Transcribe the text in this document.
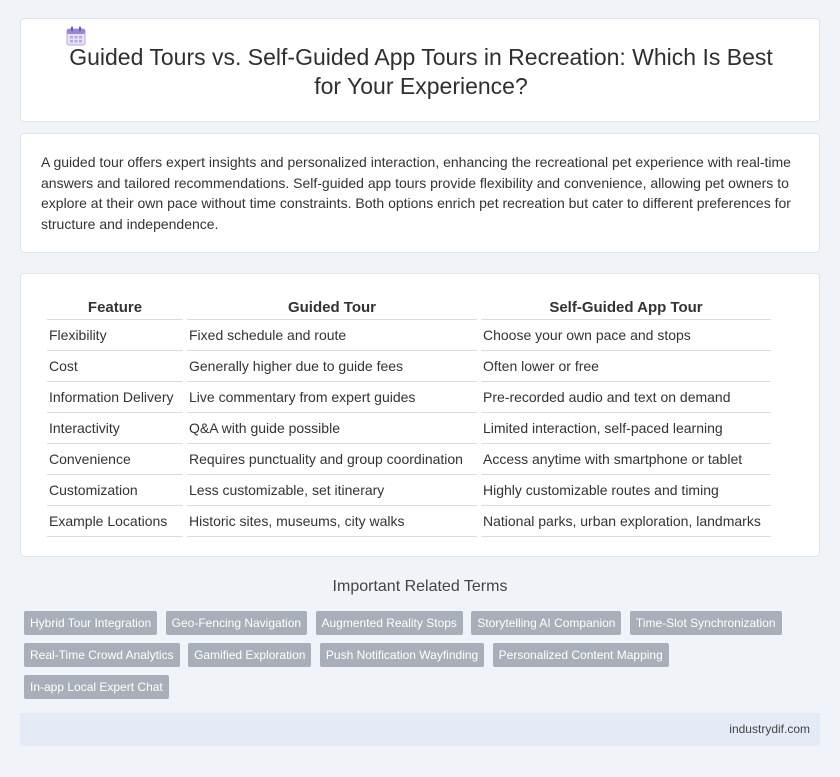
Guided Tours vs. Self-Guided App Tours in Recreation: Which Is Best for Your Experience?

A guided tour offers expert insights and personalized interaction, enhancing the recreational pet experience with real-time answers and tailored recommendations. Self-guided app tours provide flexibility and convenience, allowing pet owners to explore at their own pace without time constraints. Both options enrich pet recreation but cater to different preferences for structure and independence.

Feature	Guided Tour	Self-Guided App Tour
Flexibility	Fixed schedule and route	Choose your own pace and stops
Cost	Generally higher due to guide fees	Often lower or free
Information Delivery	Live commentary from expert guides	Pre-recorded audio and text on demand
Interactivity	Q&A with guide possible	Limited interaction, self-paced learning
Convenience	Requires punctuality and group coordination	Access anytime with smartphone or tablet
Customization	Less customizable, set itinerary	Highly customizable routes and timing
Example Locations	Historic sites, museums, city walks	National parks, urban exploration, landmarks
Important Related Terms
Hybrid Tour Integration Geo-Fencing Navigation Augmented Reality Stops Storytelling AI Companion Time-Slot Synchronization Real-Time Crowd Analytics Gamified Exploration Push Notification Wayfinding Personalized Content Mapping In-app Local Expert Chat
industrydif.com
